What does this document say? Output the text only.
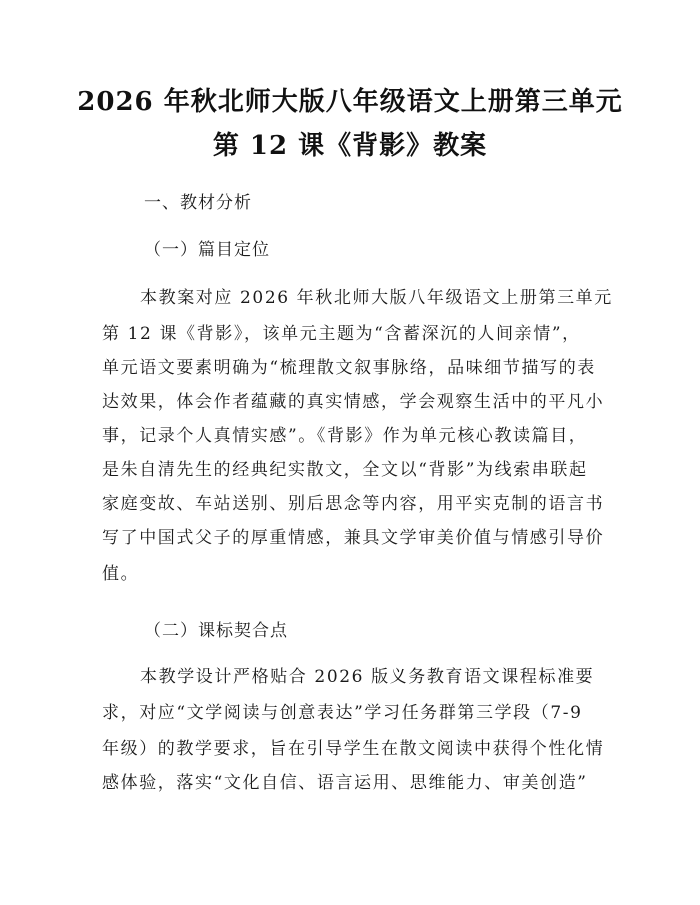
2026 年秋北师大版八年级语文上册第三单元
第 12 课《背影》教案
一、教材分析
（一）篇目定位
本教案对应 2026 年秋北师大版八年级语文上册第三单元
第 12 课《背影》，该单元主题为“含蓄深沉的人间亲情”，
单元语文要素明确为“梳理散文叙事脉络，品味细节描写的表
达效果，体会作者蕴藏的真实情感，学会观察生活中的平凡小
事，记录个人真情实感”。《背影》作为单元核心教读篇目，
是朱自清先生的经典纪实散文，全文以“背影”为线索串联起
家庭变故、车站送别、别后思念等内容，用平实克制的语言书
写了中国式父子的厚重情感，兼具文学审美价值与情感引导价
值。
（二）课标契合点
本教学设计严格贴合 2026 版义务教育语文课程标准要
求，对应“文学阅读与创意表达”学习任务群第三学段（7-9
年级）的教学要求，旨在引导学生在散文阅读中获得个性化情
感体验，落实“文化自信、语言运用、思维能力、审美创造”
